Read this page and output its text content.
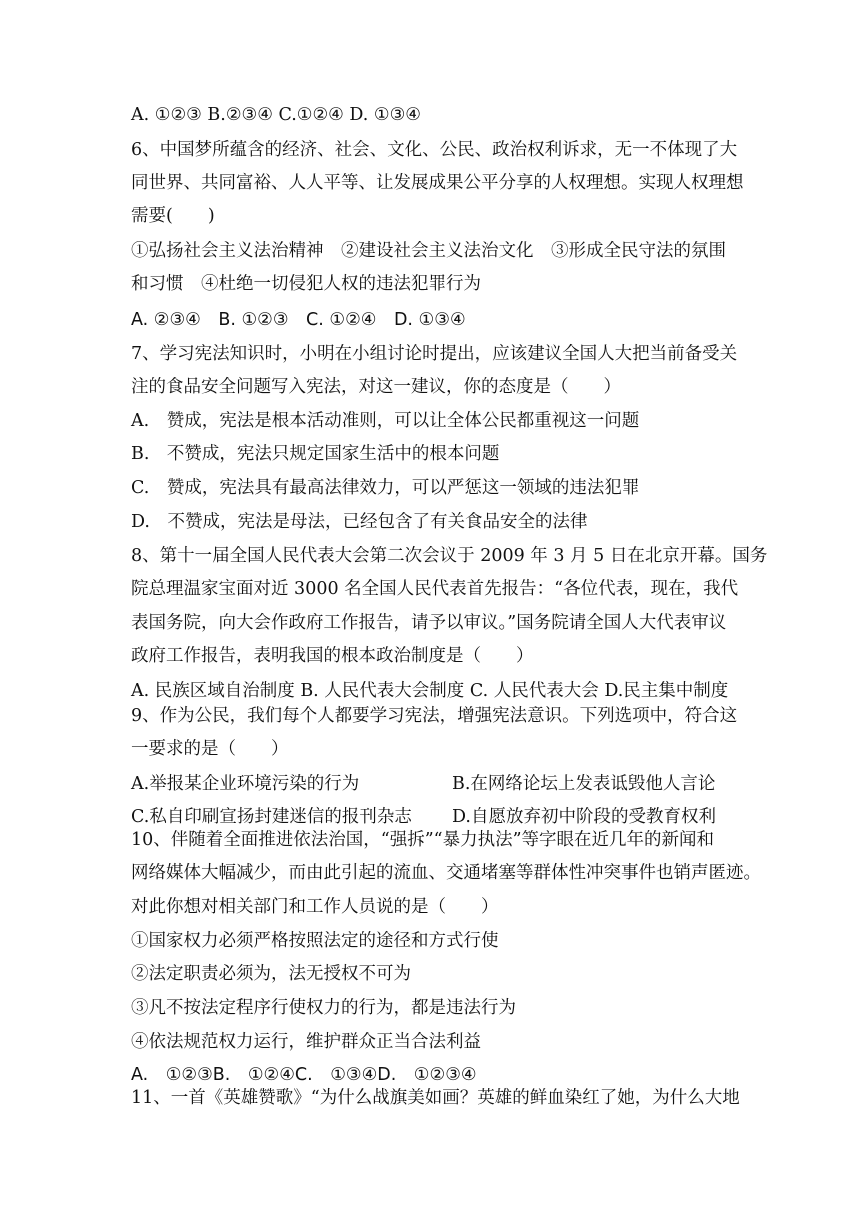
A. ①②③ B.②③④ C.①②④ D. ①③④
6、中国梦所蕴含的经济、社会、文化、公民、政治权利诉求，无一不体现了大
同世界、共同富裕、人人平等、让发展成果公平分享的人权理想。实现人权理想
需要(　　)
①弘扬社会主义法治精神　②建设社会主义法治文化　③形成全民守法的氛围
和习惯　④杜绝一切侵犯人权的违法犯罪行为
A. ②③④　B. ①②③　C. ①②④　D. ①③④
7、学习宪法知识时，小明在小组讨论时提出，应该建议全国人大把当前备受关
注的食品安全问题写入宪法，对这一建议，你的态度是（　　）
A.　赞成，宪法是根本活动准则，可以让全体公民都重视这一问题
B.　不赞成，宪法只规定国家生活中的根本问题
C.　赞成，宪法具有最高法律效力，可以严惩这一领域的违法犯罪
D.　不赞成，宪法是母法，已经包含了有关食品安全的法律
8、第十一届全国人民代表大会第二次会议于 2009 年 3 月 5 日在北京开幕。国务
院总理温家宝面对近 3000 名全国人民代表首先报告：“各位代表，现在，我代
表国务院，向大会作政府工作报告，请予以审议。”国务院请全国人大代表审议
政府工作报告，表明我国的根本政治制度是（　　）
A. 民族区域自治制度 B. 人民代表大会制度 C. 人民代表大会 D.民主集中制度
9、作为公民，我们每个人都要学习宪法，增强宪法意识。下列选项中，符合这
一要求的是（　　）
A.举报某企业环境污染的行为	B.在网络论坛上发表诋毁他人言论
C.私自印刷宣扬封建迷信的报刊杂志 D.自愿放弃初中阶段的受教育权利
10、伴随着全面推进依法治国，“强拆”“暴力执法”等字眼在近几年的新闻和
网络媒体大幅减少，而由此引起的流血、交通堵塞等群体性冲突事件也销声匿迹。
对此你想对相关部门和工作人员说的是（　　）
①国家权力必须严格按照法定的途径和方式行使
②法定职责必须为，法无授权不可为
③凡不按法定程序行使权力的行为，都是违法行为
④依法规范权力运行，维护群众正当合法利益
A.　①②③B.　①②④C.　①③④D.　①②③④
11、一首《英雄赞歌》“为什么战旗美如画？英雄的鲜血染红了她，为什么大地
